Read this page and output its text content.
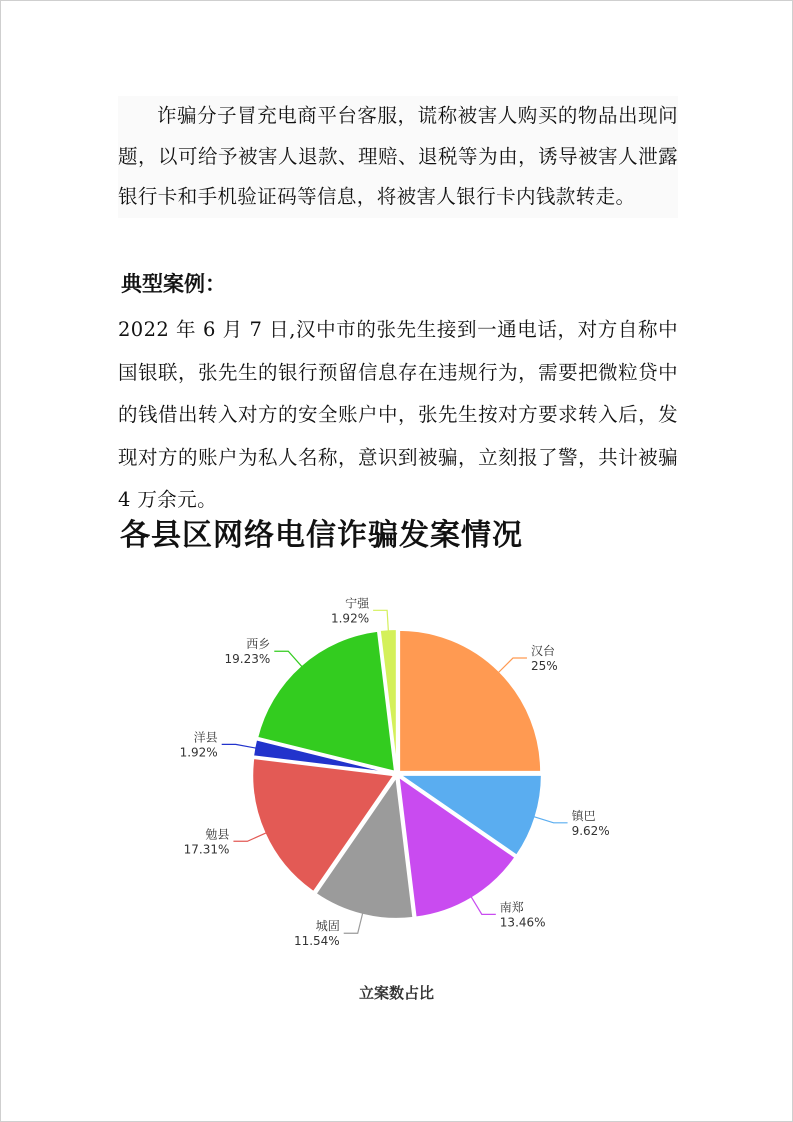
诈骗分子冒充电商平台客服，谎称被害人购买的物品出现问题，以可给予被害人退款、理赔、退税等为由，诱导被害人泄露银行卡和手机验证码等信息，将被害人银行卡内钱款转走。
典型案例：
2022 年 6 月 7 日,汉中市的张先生接到一通电话，对方自称中国银联，张先生的银行预留信息存在违规行为，需要把微粒贷中的钱借出转入对方的安全账户中，张先生按对方要求转入后，发现对方的账户为私人名称，意识到被骗，立刻报了警，共计被骗 4 万余元。
各县区网络电信诈骗发案情况
汉台
25%
镇巴
9.62%
南郑
13.46%
城固
11.54%
勉县
17.31%
洋县
1.92%
西乡
19.23%
宁强
1.92%
立案数占比
